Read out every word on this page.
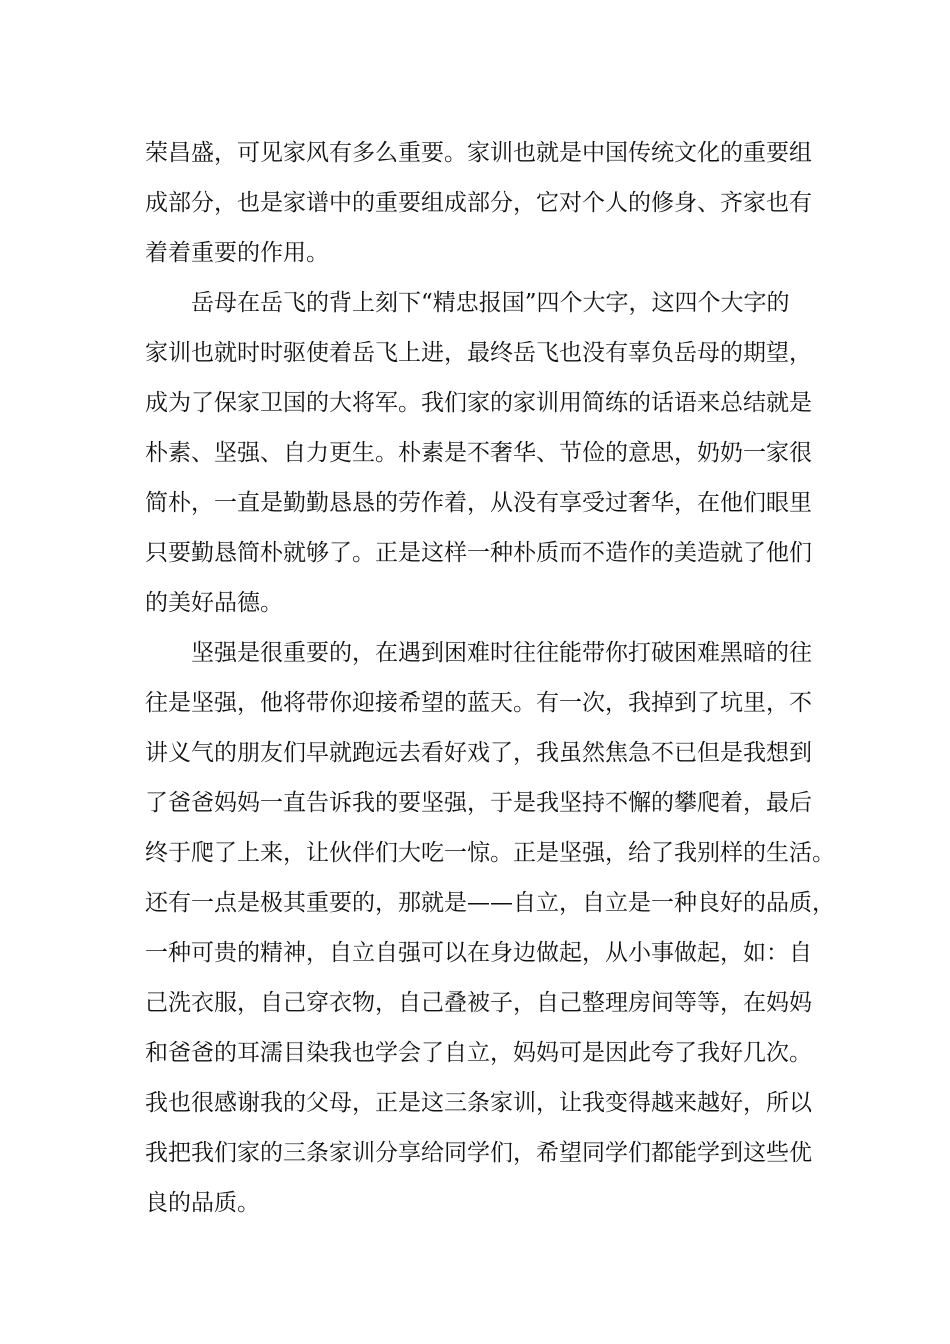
荣昌盛，可见家风有多么重要。家训也就是中国传统文化的重要组
成部分，也是家谱中的重要组成部分，它对个人的修身、齐家也有
着着重要的作用。
岳母在岳飞的背上刻下“精忠报国”四个大字，这四个大字的
家训也就时时驱使着岳飞上进，最终岳飞也没有辜负岳母的期望，
成为了保家卫国的大将军。我们家的家训用简练的话语来总结就是
朴素、坚强、自力更生。朴素是不奢华、节俭的意思，奶奶一家很
简朴，一直是勤勤恳恳的劳作着，从没有享受过奢华，在他们眼里
只要勤恳简朴就够了。正是这样一种朴质而不造作的美造就了他们
的美好品德。
坚强是很重要的，在遇到困难时往往能带你打破困难黑暗的往
往是坚强，他将带你迎接希望的蓝天。有一次，我掉到了坑里，不
讲义气的朋友们早就跑远去看好戏了，我虽然焦急不已但是我想到
了爸爸妈妈一直告诉我的要坚强，于是我坚持不懈的攀爬着，最后
终于爬了上来，让伙伴们大吃一惊。正是坚强，给了我别样的生活。
还有一点是极其重要的，那就是——自立，自立是一种良好的品质，
一种可贵的精神，自立自强可以在身边做起，从小事做起，如：自
己洗衣服，自己穿衣物，自己叠被子，自己整理房间等等，在妈妈
和爸爸的耳濡目染我也学会了自立，妈妈可是因此夸了我好几次。
我也很感谢我的父母，正是这三条家训，让我变得越来越好，所以
我把我们家的三条家训分享给同学们，希望同学们都能学到这些优
良的品质。
